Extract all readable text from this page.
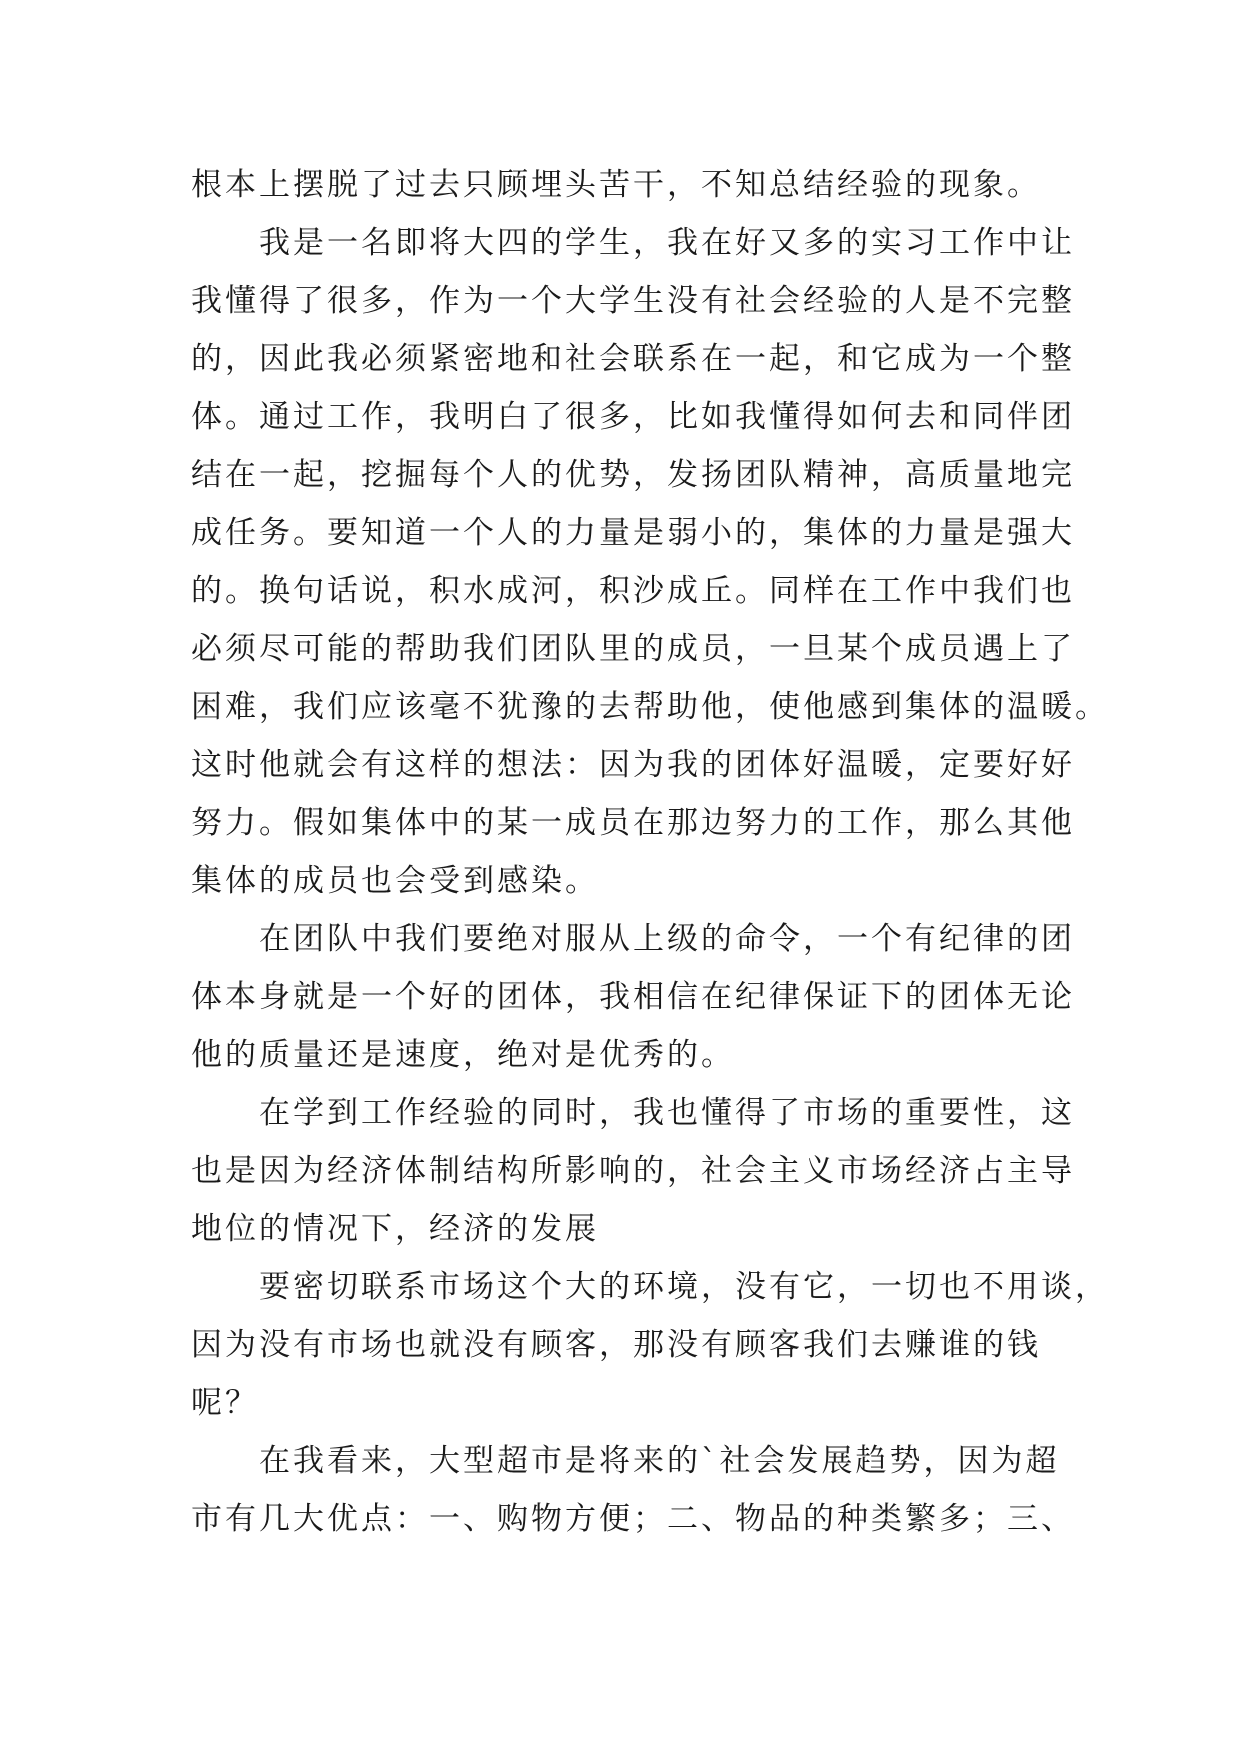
根本上摆脱了过去只顾埋头苦干，不知总结经验的现象。
我是一名即将大四的学生，我在好又多的实习工作中让
我懂得了很多，作为一个大学生没有社会经验的人是不完整
的，因此我必须紧密地和社会联系在一起，和它成为一个整
体。通过工作，我明白了很多，比如我懂得如何去和同伴团
结在一起，挖掘每个人的优势，发扬团队精神，高质量地完
成任务。要知道一个人的力量是弱小的，集体的力量是强大
的。换句话说，积水成河，积沙成丘。同样在工作中我们也
必须尽可能的帮助我们团队里的成员，一旦某个成员遇上了
困难，我们应该毫不犹豫的去帮助他，使他感到集体的温暖。
这时他就会有这样的想法：因为我的团体好温暖，定要好好
努力。假如集体中的某一成员在那边努力的工作，那么其他
集体的成员也会受到感染。
在团队中我们要绝对服从上级的命令，一个有纪律的团
体本身就是一个好的团体，我相信在纪律保证下的团体无论
他的质量还是速度，绝对是优秀的。
在学到工作经验的同时，我也懂得了市场的重要性，这
也是因为经济体制结构所影响的，社会主义市场经济占主导
地位的情况下，经济的发展
要密切联系市场这个大的环境，没有它，一切也不用谈，
因为没有市场也就没有顾客，那没有顾客我们去赚谁的钱
呢？
在我看来，大型超市是将来的`社会发展趋势，因为超
市有几大优点：一、购物方便；二、物品的种类繁多；三、
